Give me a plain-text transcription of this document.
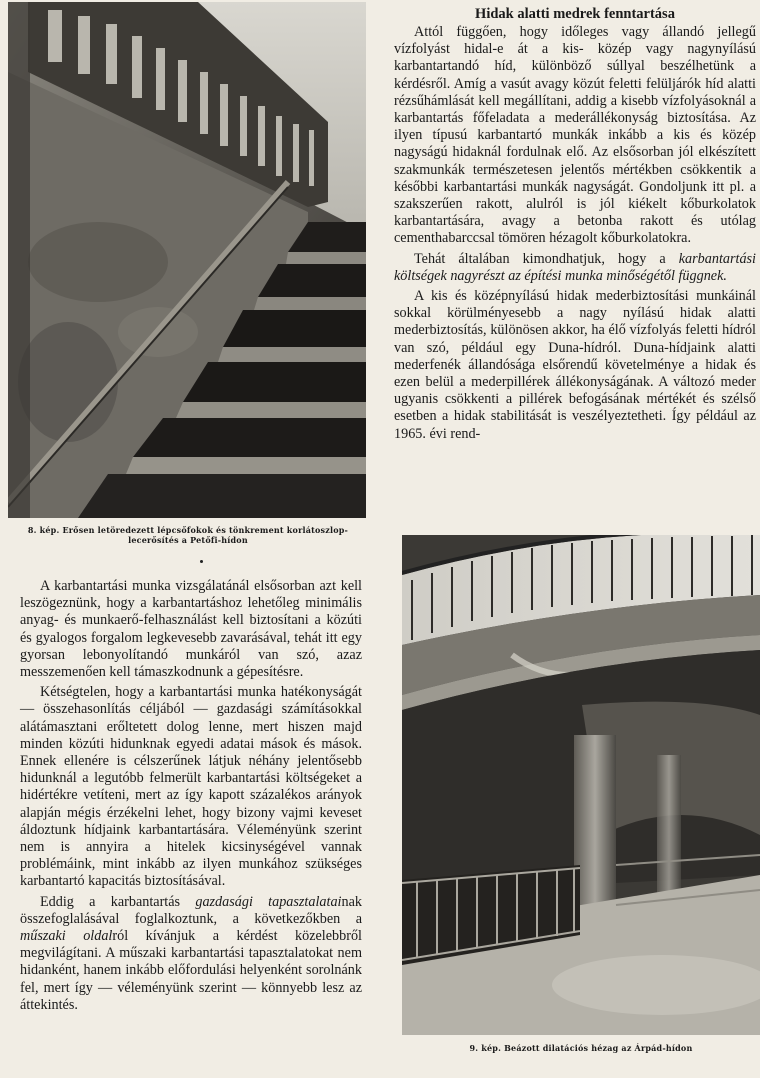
8. kép. Erősen letöredezett lépcsőfokok és tönkrement korlátoszlop-lecerősítés a Petőfi-hídon
Hidak alatti medrek fenntartása

Attól függően, hogy időleges vagy állandó jellegű vízfolyást hidal-e át a kis- közép vagy nagynyílású karbantartandó híd, különböző súllyal beszélhetünk a kérdésről. Amíg a vasút avagy közút feletti felüljárók híd alatti rézsűhámlását kell megállítani, addig a kisebb vízfolyásoknál a karbantartás főfeladata a mederállékonyság biztosítása. Az ilyen típusú karbantartó munkák inkább a kis és közép nagyságú hidaknál fordulnak elő. Az elsősorban jól elkészített szakmunkák természetesen jelentős mértékben csökkentik a későbbi karbantartási munkák nagyságát. Gondoljunk itt pl. a szakszerűen rakott, alulról is jól kiékelt kőburkolatok karbantartására, avagy a betonba rakott és utólag cementhabarccsal tömören hézagolt kőburkolatokra.

Tehát általában kimondhatjuk, hogy a karbantartási költségek nagyrészt az építési munka minőségétől függnek.

A kis és középnyílású hidak mederbiztosítási munkáinál sokkal körülményesebb a nagy nyílású hidak alatti mederbiztosítás, különösen akkor, ha élő vízfolyás feletti hídról van szó, például egy Duna-hídról. Duna-hídjaink alatti mederfenék állandósága elsőrendű követelménye a hidak és ezen belül a mederpillérek állékonyságának. A változó meder ugyanis csökkenti a pillérek befogásának mértékét és szélső esetben a hidak stabilitását is veszélyeztetheti. Így például az 1965. évi rend-

A karbantartási munka vizsgálatánál elsősorban azt kell leszögeznünk, hogy a karbantartáshoz lehetőleg minimális anyag- és munkaerő-felhasználást kell biztosítani a közúti és gyalogos forgalom legkevesebb zavarásával, tehát itt egy gyorsan lebonyolítandó munkáról van szó, azaz messzemenően kell támaszkodnunk a gépesítésre.

Kétségtelen, hogy a karbantartási munka hatékonyságát — összehasonlítás céljából — gazdasági számításokkal alátámasztani erőltetett dolog lenne, mert hiszen majd minden közúti hidunknak egyedi adatai mások és mások. Ennek ellenére is célszerűnek látjuk néhány jelentősebb hidunknál a legutóbb felmerült karbantartási költségeket a hidértékre vetíteni, mert az így kapott százalékos arányok alapján mégis érzékelni lehet, hogy bizony vajmi keveset áldoztunk hídjaink karbantartására. Véleményünk szerint nem is annyira a hitelek kicsinységével vannak problémáink, mint inkább az ilyen munkához szükséges karbantartó kapacitás biztosításával.

Eddig a karbantartás gazdasági tapasztalatainak összefoglalásával foglalkoztunk, a következőkben a műszaki oldalról kívánjuk a kérdést közelebbről megvilágítani. A műszaki karbantartási tapasztalatokat nem hidanként, hanem inkább előfordulási helyenként sorolnánk fel, mert így — véleményünk szerint — könnyebb lesz az áttekintés.

9. kép. Beázott dilatációs hézag az Árpád-hídon
